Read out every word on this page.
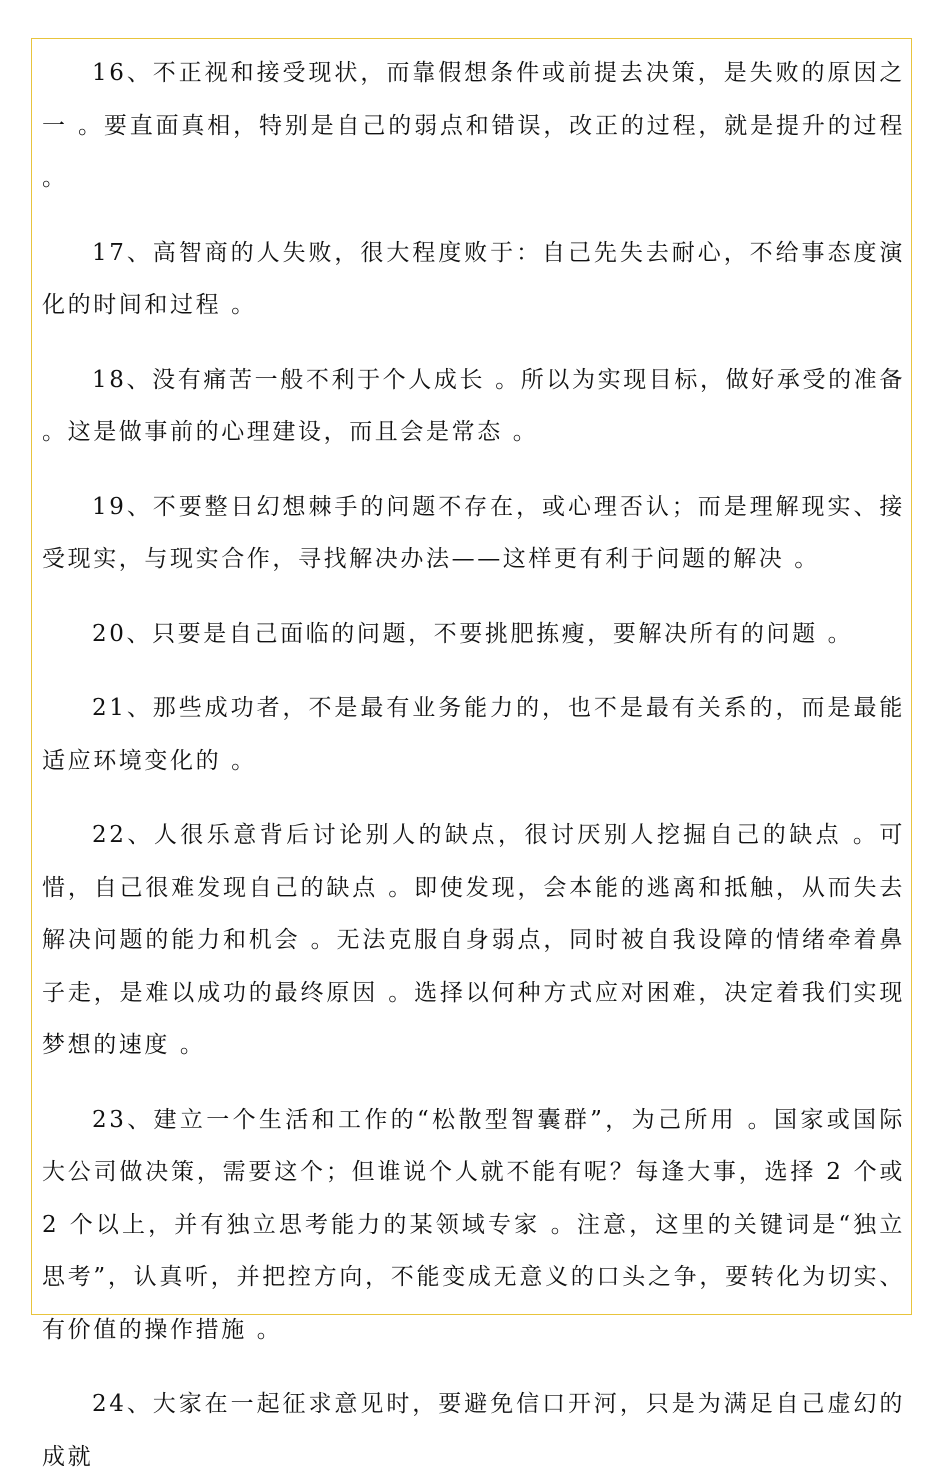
16、不正视和接受现状，而靠假想条件或前提去决策，是失败的原因之一 。要直面真相，特别是自己的弱点和错误，改正的过程，就是提升的过程 。

17、高智商的人失败，很大程度败于：自己先失去耐心，不给事态度演化的时间和过程 。

18、没有痛苦一般不利于个人成长 。所以为实现目标，做好承受的准备 。这是做事前的心理建设，而且会是常态 。

19、不要整日幻想棘手的问题不存在，或心理否认；而是理解现实、接受现实，与现实合作，寻找解决办法——这样更有利于问题的解决 。

20、只要是自己面临的问题，不要挑肥拣瘦，要解决所有的问题 。

21、那些成功者，不是最有业务能力的，也不是最有关系的，而是最能适应环境变化的 。

22、人很乐意背后讨论别人的缺点，很讨厌别人挖掘自己的缺点 。可惜，自己很难发现自己的缺点 。即使发现，会本能的逃离和抵触，从而失去解决问题的能力和机会 。无法克服自身弱点，同时被自我设障的情绪牵着鼻子走，是难以成功的最终原因 。选择以何种方式应对困难，决定着我们实现梦想的速度 。

23、建立一个生活和工作的“松散型智囊群”，为己所用 。国家或国际大公司做决策，需要这个；但谁说个人就不能有呢？每逢大事，选择 2 个或 2 个以上，并有独立思考能力的某领域专家 。注意，这里的关键词是“独立思考”，认真听，并把控方向，不能变成无意义的口头之争，要转化为切实、有价值的操作措施 。

24、大家在一起征求意见时，要避免信口开河，只是为满足自己虚幻的成就
